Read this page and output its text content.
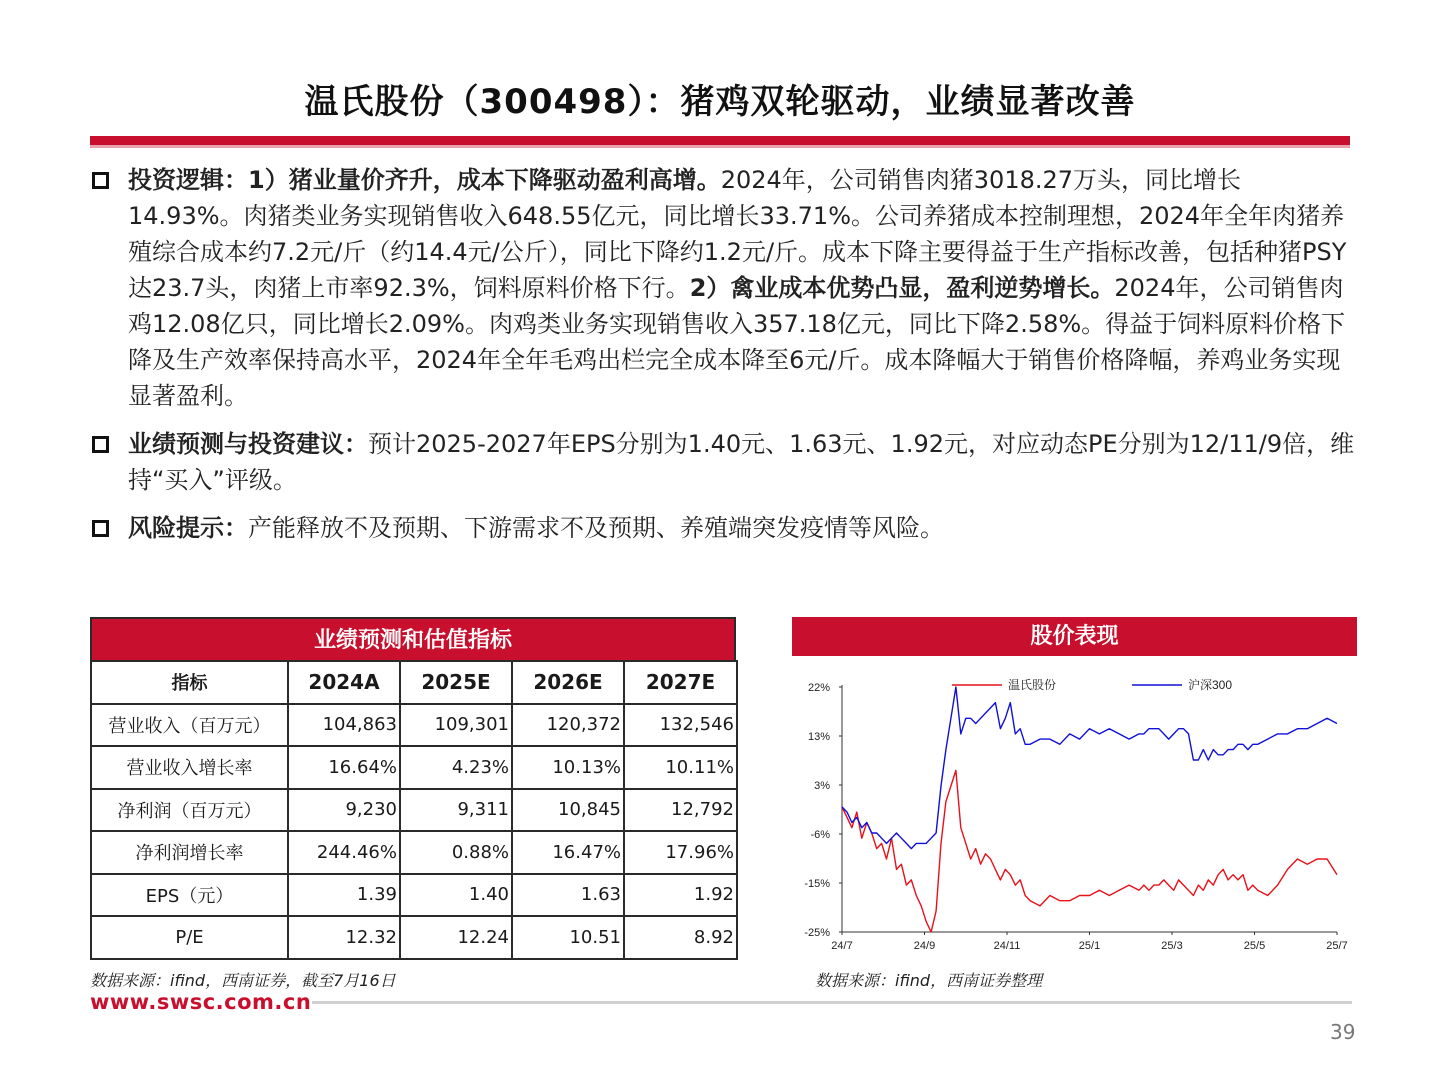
温氏股份（300498）：猪鸡双轮驱动，业绩显著改善
投资逻辑：1）猪业量价齐升，成本下降驱动盈利高增。2024年，公司销售肉猪3018.27万头，同比增长14.93%。肉猪类业务实现销售收入648.55亿元，同比增长33.71%。公司养猪成本控制理想，2024年全年肉猪养殖综合成本约7.2元/斤（约14.4元/公斤），同比下降约1.2元/斤。成本下降主要得益于生产指标改善，包括种猪PSY达23.7头，肉猪上市率92.3%，饲料原料价格下行。2）禽业成本优势凸显，盈利逆势增长。2024年，公司销售肉鸡12.08亿只，同比增长2.09%。肉鸡类业务实现销售收入357.18亿元，同比下降2.58%。得益于饲料原料价格下降及生产效率保持高水平，2024年全年毛鸡出栏完全成本降至6元/斤。成本降幅大于销售价格降幅，养鸡业务实现显著盈利。
业绩预测与投资建议：预计2025-2027年EPS分别为1.40元、1.63元、1.92元，对应动态PE分别为12/11/9倍，维持“买入”评级。
风险提示：产能释放不及预期、下游需求不及预期、养殖端突发疫情等风险。
业绩预测和估值指标
指标	2024A	2025E	2026E	2027E
营业收入（百万元）	104,863	109,301	120,372	132,546
营业收入增长率	16.64%	4.23%	10.13%	10.11%
净利润（百万元）	9,230	9,311	10,845	12,792
净利润增长率	244.46%	0.88%	16.47%	17.96%
EPS（元）	1.39	1.40	1.63	1.92
P/E	12.32	12.24	10.51	8.92
数据来源：ifind，西南证券，截至7月16日
股价表现
22%
13%
3%
-6%
-15%
-25%
24/7	24/9	24/11	25/1	25/3	25/5	25/7
温氏股份	沪深300
数据来源：ifind，西南证券整理
www.swsc.com.cn
39
